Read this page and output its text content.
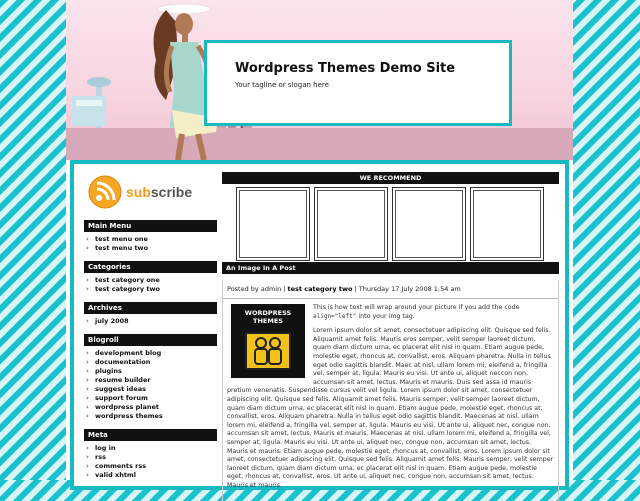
Wordpress Themes Demo Site
Your tagline or slogan here
subscribe
Main Menu
› test menu one
› test menu two
Categories
› test category one
› test category two
Archives
› july 2008
Blogroll
› development blog
› documentation
› plugins
› resume builder
› suggest ideas
› support forum
› wordpress planet
› wordpress themes
Meta
› log in
› rss
› comments rss
› valid xhtml
WE RECOMMEND
An Image In A Post
Posted by admin | test category two | Thursday 17 July 2008 1:54 am
WORDPRESS THEMES

This is how text will wrap around your picture if you add the code align="left" into your img tag.

Lorem ipsum dolor sit amet, consectetuer adipiscing elit. Quisque sed felis. Aliquamit amet felis. Mauris eros semper, velit semper laoreet dictum, quam diam dictum urna, ec placerat elit nisl in quam. Etiam augue pede, molestie eget, rhoncus at, convallist, eros. Aliquam pharetra. Nulla in tellus eget odio sagittis blandit. Maec at nisl, ullam lorem mi, eleifend a, fringilla vel, semper at, ligula. Mauris eu visi. Ut ante ui, aliquet neccon non, accumsan sit amet, lectus. Mauris et mauris. Duis sed assa id mauris pretium venenatis. Suspendisse cursus velit vel ligula. Lorem ipsum dolor sit amet, consectetuer adipiscing elit. Quisque sed felis. Aliquamit amet felis. Mauris semper, velit semper laoreet dictum, quam diam dictum urna, ec placerat elit nisl in quam. Etiam augue pede, molestie eget, rhoncus at, convallist, eros. Aliquam pharetra. Nulla in tellus eget odio sagittis blandit. Maecenas at nisl. ullam lorem mi, eleifend a, fringilla vel, semper at, ligula. Mauris eu visi. Ut ante ui, aliquet nec, congue non, accumsan sit amet, lectus. Mauris et mauris. Maecenas at nisl. ullam lorem mi, eleifend a, fringilla vel, semper at, ligula. Mauris eu visi. Ut ante ui, aliquet nec, congue non, accumsan sit amet, lectus. Mauris et mauris. Etiam augue pede, molestie eget, rhoncus at, convallist, eros. Lorem ipsum dolor sit amet, consectetuer adipiscing elit. Quisque sed felis. Aliquamit amet felis. Mauris semper, velit semper laoreet dictum, quam diam dictum urna, ec placerat elit nisl in quam. Etiam augue pede, molestie eget, rhoncus at, convallist, eros. Ut ante ui, aliquet nec, congue non, accumsan sit amet, lectus. Mauris et mauris.
